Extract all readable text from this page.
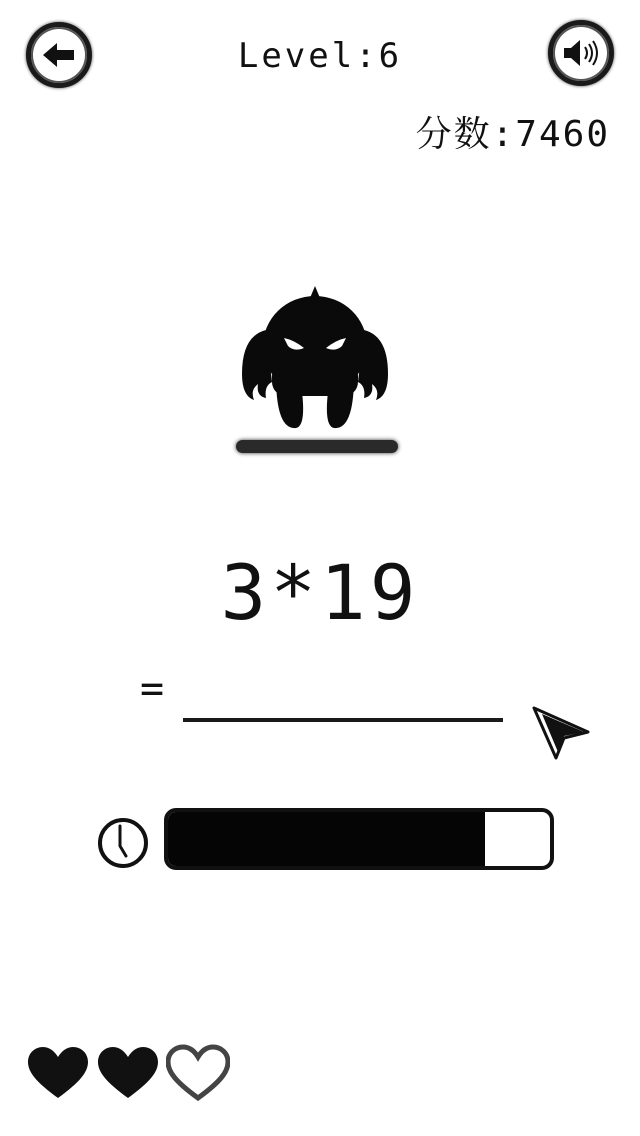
Level:6
分数:7460
3*19
=
